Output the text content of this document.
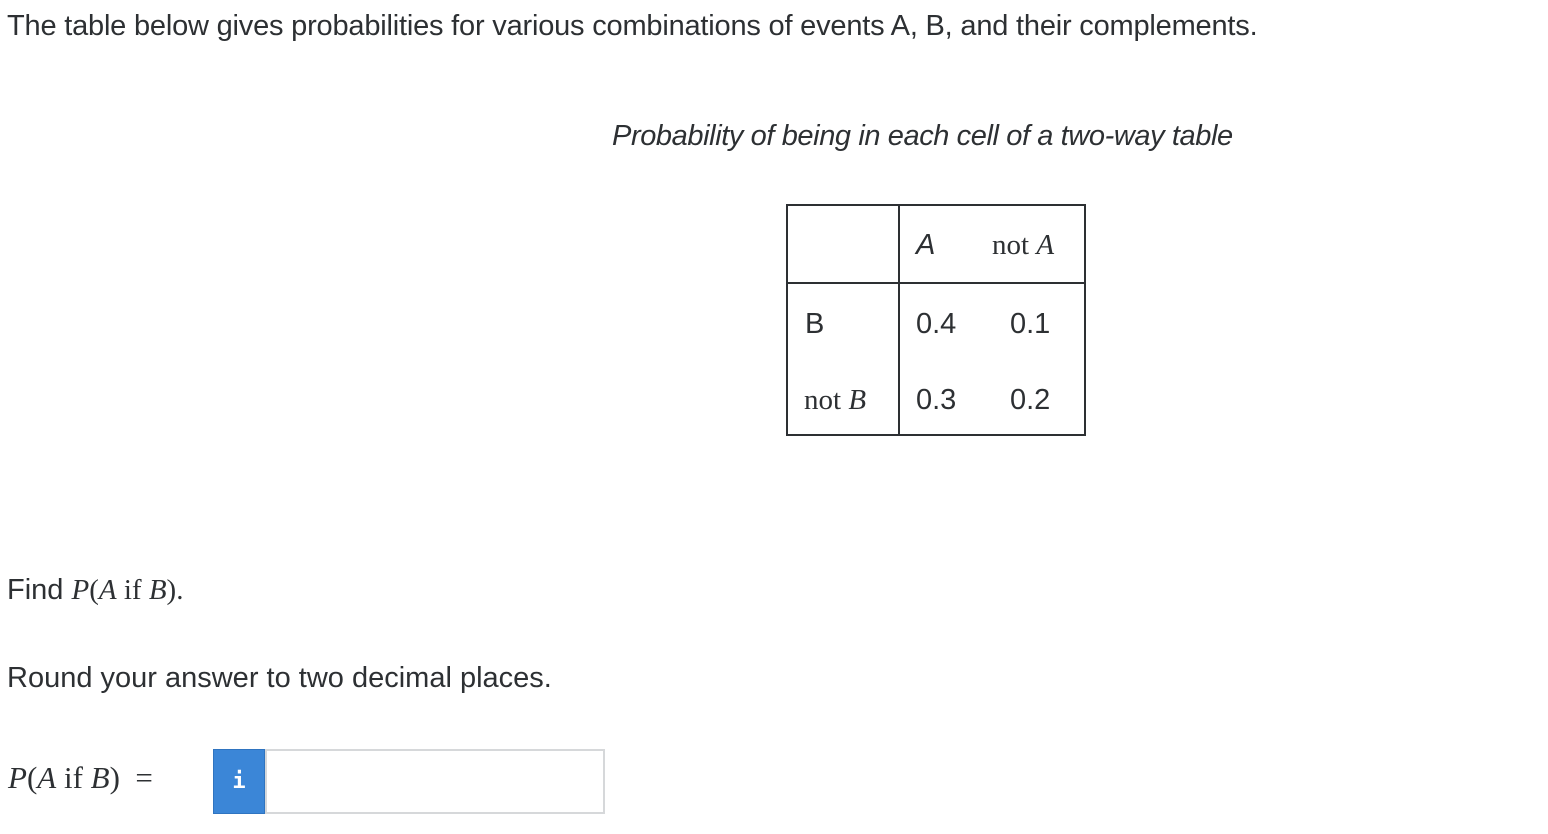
The table below gives probabilities for various combinations of events A, B, and their complements.
Probability of being in each cell of a two-way table
A not A
B
not B
0.4 0.1
0.3 0.2
Find P(A if B).
Round your answer to two decimal places.
P(A if B)  =	i
